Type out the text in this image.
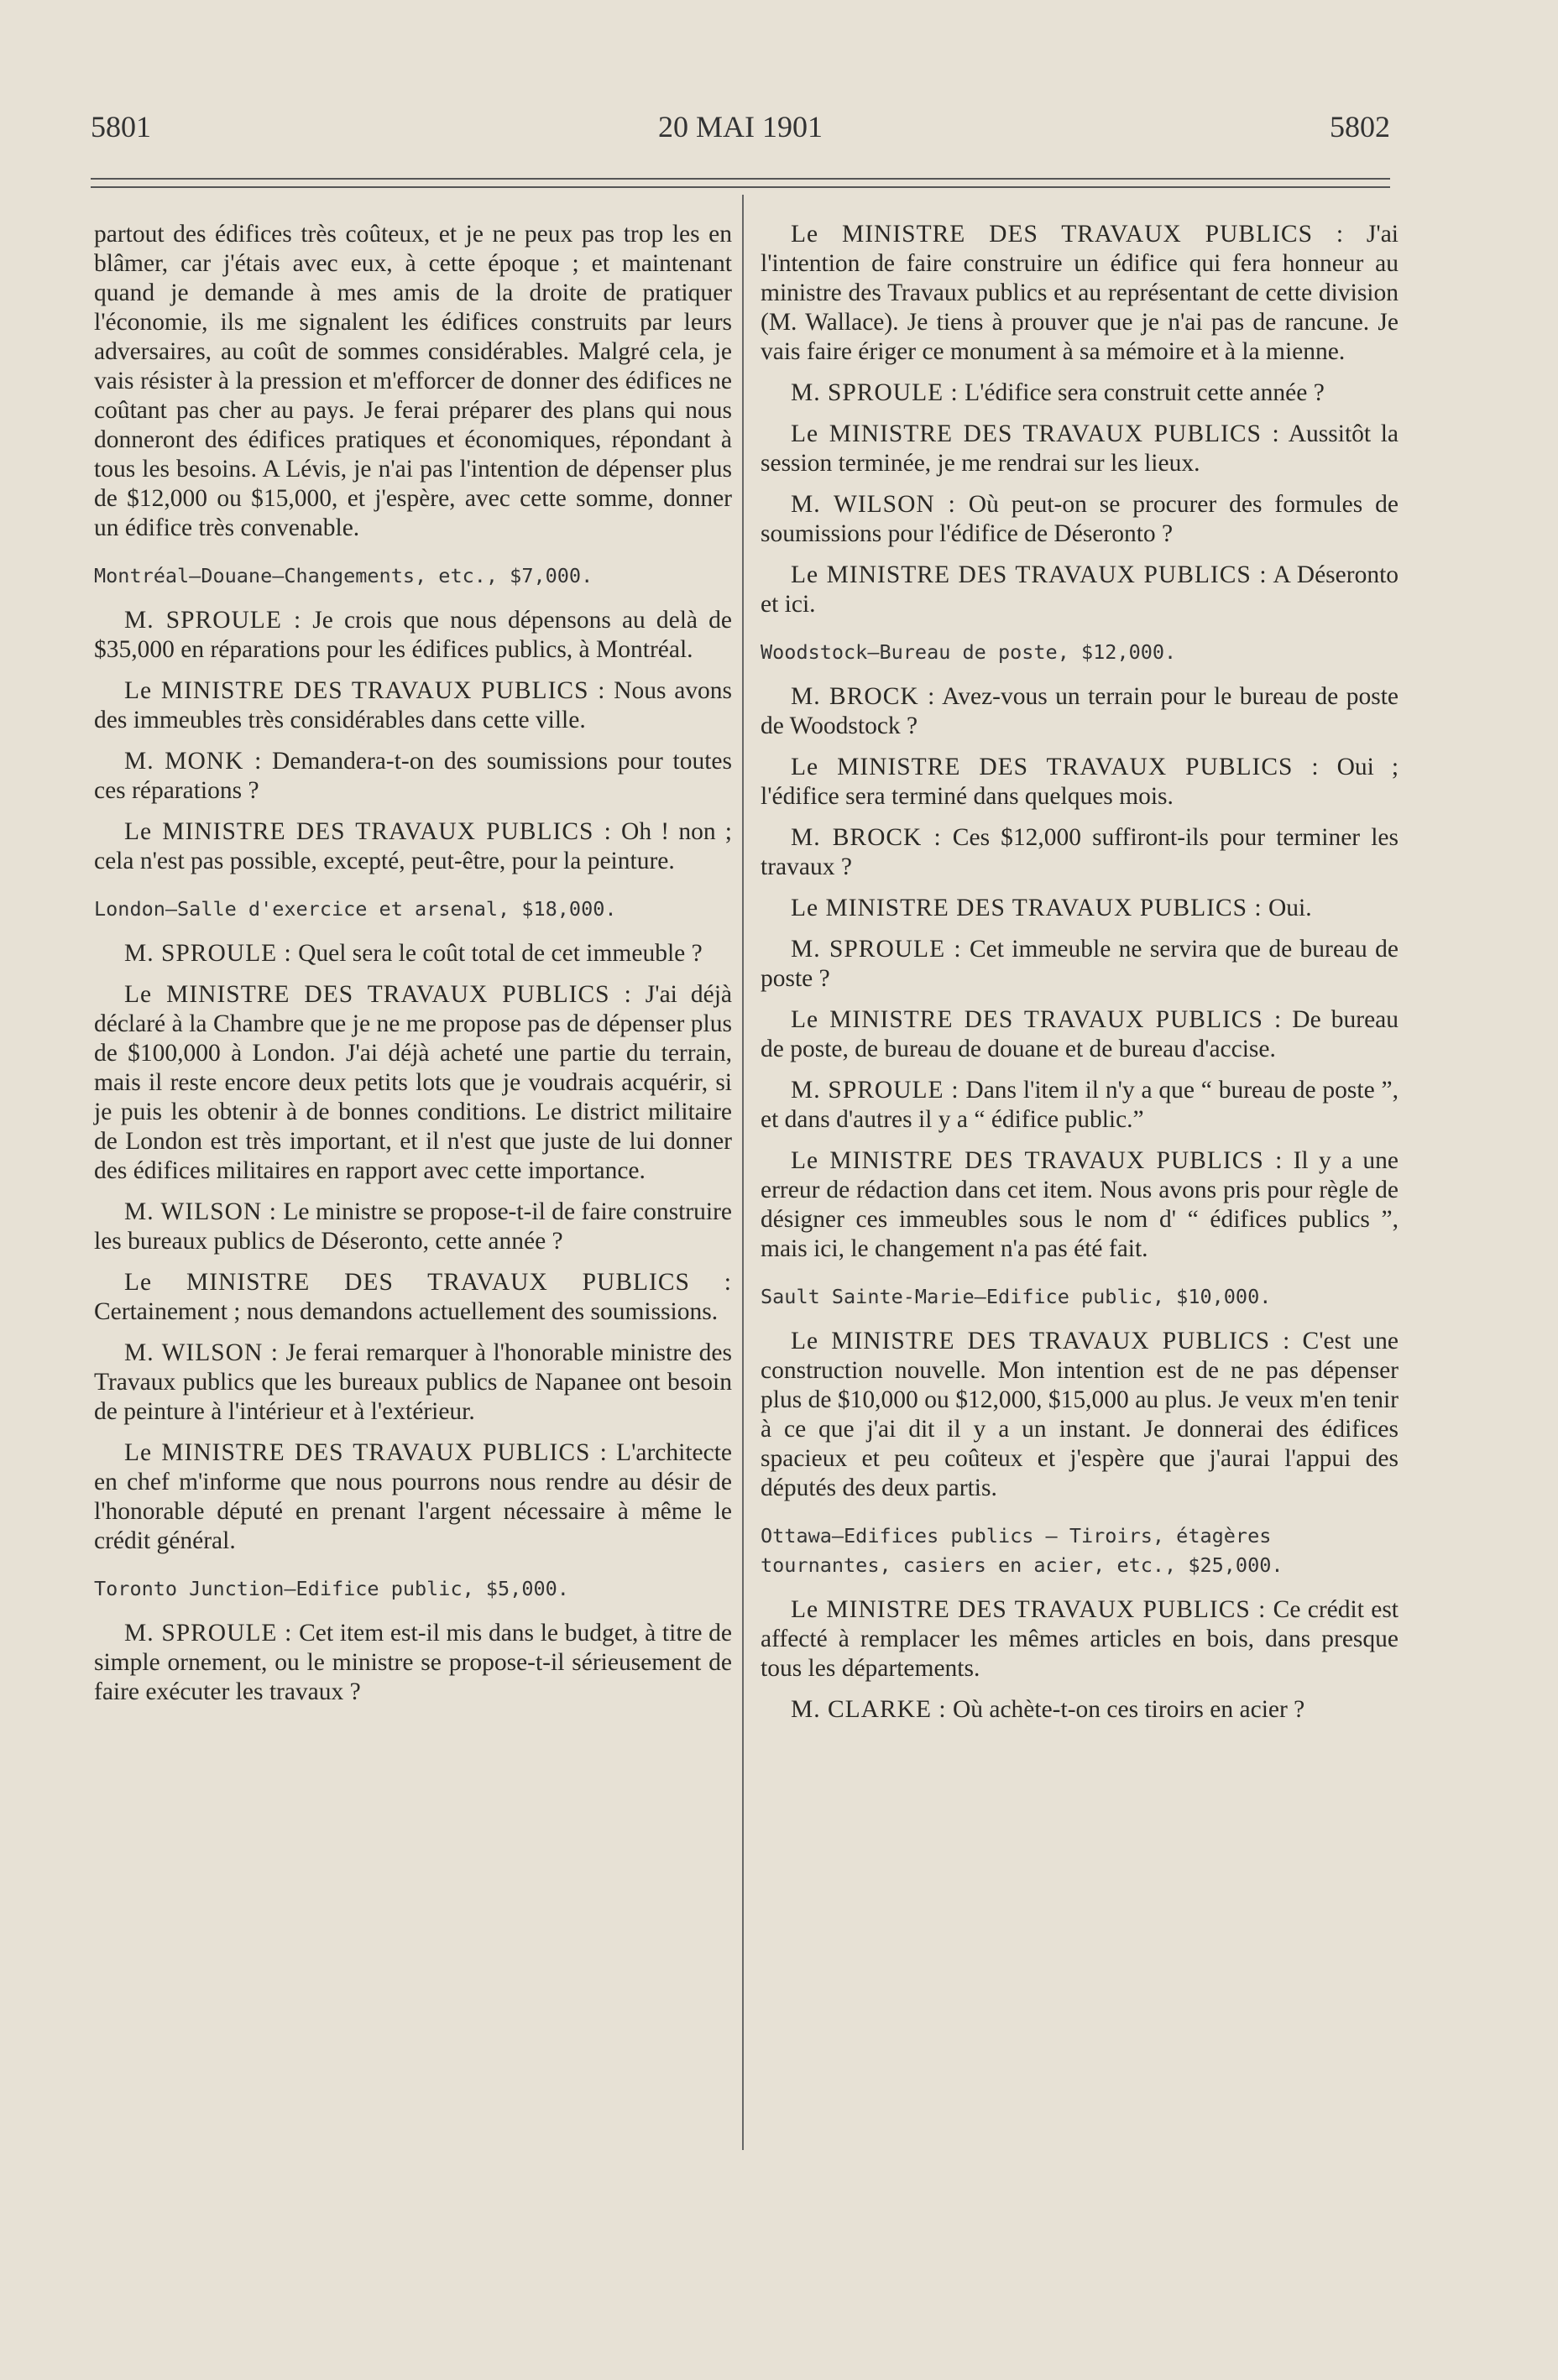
5801	20 MAI 1901	5802

partout des édifices très coûteux, et je ne peux pas trop les en blâmer, car j'étais avec eux, à cette époque ; et maintenant quand je demande à mes amis de la droite de pratiquer l'économie, ils me signalent les édifices construits par leurs adversaires, au coût de sommes considérables. Malgré cela, je vais résister à la pression et m'efforcer de donner des édifices ne coûtant pas cher au pays. Je ferai préparer des plans qui nous donneront des édifices pratiques et économiques, répondant à tous les besoins. A Lévis, je n'ai pas l'intention de dépenser plus de $12,000 ou $15,000, et j'espère, avec cette somme, donner un édifice très convenable.

Montréal—Douane—Changements, etc., $7,000.

M. SPROULE : Je crois que nous dépensons au delà de $35,000 en réparations pour les édifices publics, à Montréal.

Le MINISTRE DES TRAVAUX PUBLICS : Nous avons des immeubles très considérables dans cette ville.

M. MONK : Demandera-t-on des soumissions pour toutes ces réparations ?

Le MINISTRE DES TRAVAUX PUBLICS : Oh ! non ; cela n'est pas possible, excepté, peut-être, pour la peinture.

London—Salle d'exercice et arsenal, $18,000.

M. SPROULE : Quel sera le coût total de cet immeuble ?

Le MINISTRE DES TRAVAUX PUBLICS : J'ai déjà déclaré à la Chambre que je ne me propose pas de dépenser plus de $100,000 à London. J'ai déjà acheté une partie du terrain, mais il reste encore deux petits lots que je voudrais acquérir, si je puis les obtenir à de bonnes conditions. Le district militaire de London est très important, et il n'est que juste de lui donner des édifices militaires en rapport avec cette importance.

M. WILSON : Le ministre se propose-t-il de faire construire les bureaux publics de Déseronto, cette année ?

Le MINISTRE DES TRAVAUX PUBLICS : Certainement ; nous demandons actuellement des soumissions.

M. WILSON : Je ferai remarquer à l'honorable ministre des Travaux publics que les bureaux publics de Napanee ont besoin de peinture à l'intérieur et à l'extérieur.

Le MINISTRE DES TRAVAUX PUBLICS : L'architecte en chef m'informe que nous pourrons nous rendre au désir de l'honorable député en prenant l'argent nécessaire à même le crédit général.

Toronto Junction—Edifice public, $5,000.

M. SPROULE : Cet item est-il mis dans le budget, à titre de simple ornement, ou le ministre se propose-t-il sérieusement de faire exécuter les travaux ?

Le MINISTRE DES TRAVAUX PUBLICS : J'ai l'intention de faire construire un édifice qui fera honneur au ministre des Travaux publics et au représentant de cette division (M. Wallace). Je tiens à prouver que je n'ai pas de rancune. Je vais faire ériger ce monument à sa mémoire et à la mienne.

M. SPROULE : L'édifice sera construit cette année ?

Le MINISTRE DES TRAVAUX PUBLICS : Aussitôt la session terminée, je me rendrai sur les lieux.

M. WILSON : Où peut-on se procurer des formules de soumissions pour l'édifice de Déseronto ?

Le MINISTRE DES TRAVAUX PUBLICS : A Déseronto et ici.

Woodstock—Bureau de poste, $12,000.

M. BROCK : Avez-vous un terrain pour le bureau de poste de Woodstock ?

Le MINISTRE DES TRAVAUX PUBLICS : Oui ; l'édifice sera terminé dans quelques mois.

M. BROCK : Ces $12,000 suffiront-ils pour terminer les travaux ?

Le MINISTRE DES TRAVAUX PUBLICS : Oui.

M. SPROULE : Cet immeuble ne servira que de bureau de poste ?

Le MINISTRE DES TRAVAUX PUBLICS : De bureau de poste, de bureau de douane et de bureau d'accise.

M. SPROULE : Dans l'item il n'y a que “ bureau de poste ”, et dans d'autres il y a “ édifice public.”

Le MINISTRE DES TRAVAUX PUBLICS : Il y a une erreur de rédaction dans cet item. Nous avons pris pour règle de désigner ces immeubles sous le nom d' “ édifices publics ”, mais ici, le changement n'a pas été fait.

Sault Sainte-Marie—Edifice public, $10,000.

Le MINISTRE DES TRAVAUX PUBLICS : C'est une construction nouvelle. Mon intention est de ne pas dépenser plus de $10,000 ou $12,000, $15,000 au plus. Je veux m'en tenir à ce que j'ai dit il y a un instant. Je donnerai des édifices spacieux et peu coûteux et j'espère que j'aurai l'appui des députés des deux partis.

Ottawa—Edifices publics — Tiroirs, étagères tournantes, casiers en acier, etc., $25,000.

Le MINISTRE DES TRAVAUX PUBLICS : Ce crédit est affecté à remplacer les mêmes articles en bois, dans presque tous les départements.

M. CLARKE : Où achète-t-on ces tiroirs en acier ?
